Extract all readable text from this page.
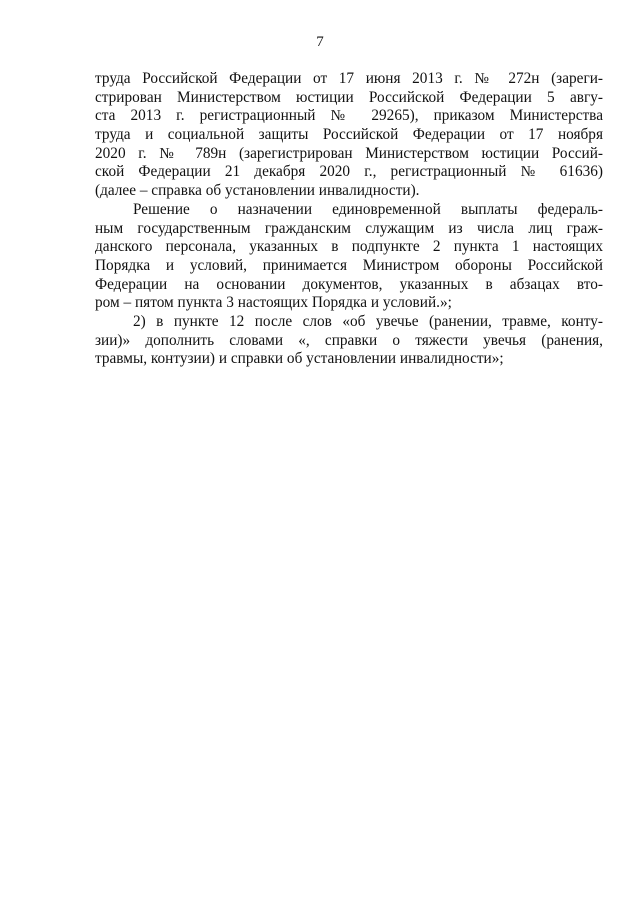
7
труда Российской Федерации от 17 июня 2013 г. № 272н (зареги-
стрирован Министерством юстиции Российской Федерации 5 авгу-
ста 2013 г. регистрационный № 29265), приказом Министерства
труда и социальной защиты Российской Федерации от 17 ноября
2020 г. № 789н (зарегистрирован Министерством юстиции Россий-
ской Федерации 21 декабря 2020 г., регистрационный № 61636)
(далее – справка об установлении инвалидности).
Решение о назначении единовременной выплаты федераль-
ным государственным гражданским служащим из числа лиц граж-
данского персонала, указанных в подпункте 2 пункта 1 настоящих
Порядка и условий, принимается Министром обороны Российской
Федерации на основании документов, указанных в абзацах вто-
ром – пятом пункта 3 настоящих Порядка и условий.»;
2) в пункте 12 после слов «об увечье (ранении, травме, конту-
зии)» дополнить словами «, справки о тяжести увечья (ранения,
травмы, контузии) и справки об установлении инвалидности»;
